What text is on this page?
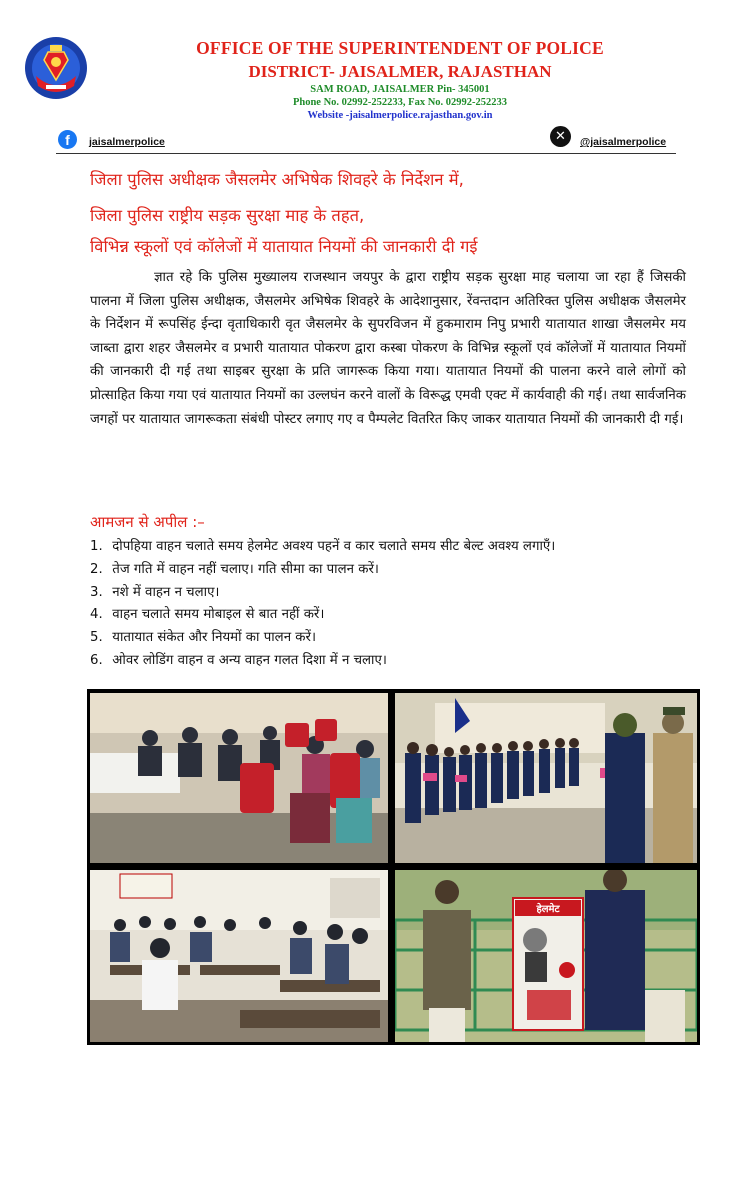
OFFICE OF THE SUPERINTENDENT OF POLICE
DISTRICT- JAISALMER, RAJASTHAN
SAM ROAD, JAISALMER Pin- 345001
Phone No. 02992-252233, Fax No. 02992-252233
Website -jaisalmerpolice.rajasthan.gov.in
f	jaisalmerpolice	✕	@jaisalmerpolice
जिला पुलिस अधीक्षक जैसलमेर अभिषेक शिवहरे के निर्देशन में,
जिला पुलिस राष्ट्रीय सड़क सुरक्षा माह के तहत,
विभिन्न स्कूलों एवं कॉलेजों में यातायात नियमों की जानकारी दी गई
ज्ञात रहे कि पुलिस मुख्यालय राजस्थान जयपुर के द्वारा राष्ट्रीय सड़क सुरक्षा माह चलाया जा रहा हैं जिसकी पालना में जिला पुलिस अधीक्षक, जैसलमेर अभिषेक शिवहरे के आदेशानुसार, रेंवन्तदान अतिरिक्त पुलिस अधीक्षक जैसलमेर के निर्देशन में रूपसिंह ईन्दा वृताधिकारी वृत जैसलमेर के सुपरविजन में हुकमाराम निपु प्रभारी यातायात शाखा जैसलमेर मय जाब्ता द्वारा शहर जैसलमेर व प्रभारी यातायात पोकरण द्वारा कस्बा पोकरण के विभिन्न स्कूलों एवं कॉलेजों में यातायात नियमों की जानकारी दी गई तथा साइबर सुरक्षा के प्रति जागरूक किया गया। यातायात नियमों की पालना करने वाले लोगों को प्रोत्साहित किया गया एवं यातायात नियमों का उल्लघंन करने वालों के विरूद्ध एमवी एक्ट में कार्यवाही की गई। तथा सार्वजनिक जगहों पर यातायात जागरूकता संबंधी पोस्टर लगाए गए व पैम्पलेट वितरित किए जाकर यातायात नियमों की जानकारी दी गई।
आमजन से अपील :–
1. दोपहिया वाहन चलाते समय हेलमेट अवश्य पहनें व कार चलाते समय सीट बेल्ट अवश्य लगाएँ।
2. तेज गति में वाहन नहीं चलाए। गति सीमा का पालन करें।
3. नशे में वाहन न चलाए।
4. वाहन चलाते समय मोबाइल से बात नहीं करें।
5. यातायात संकेत और नियमों का पालन करें।
6. ओवर लोडिंग वाहन व अन्य वाहन गलत दिशा में न चलाए।
हेलमेट
